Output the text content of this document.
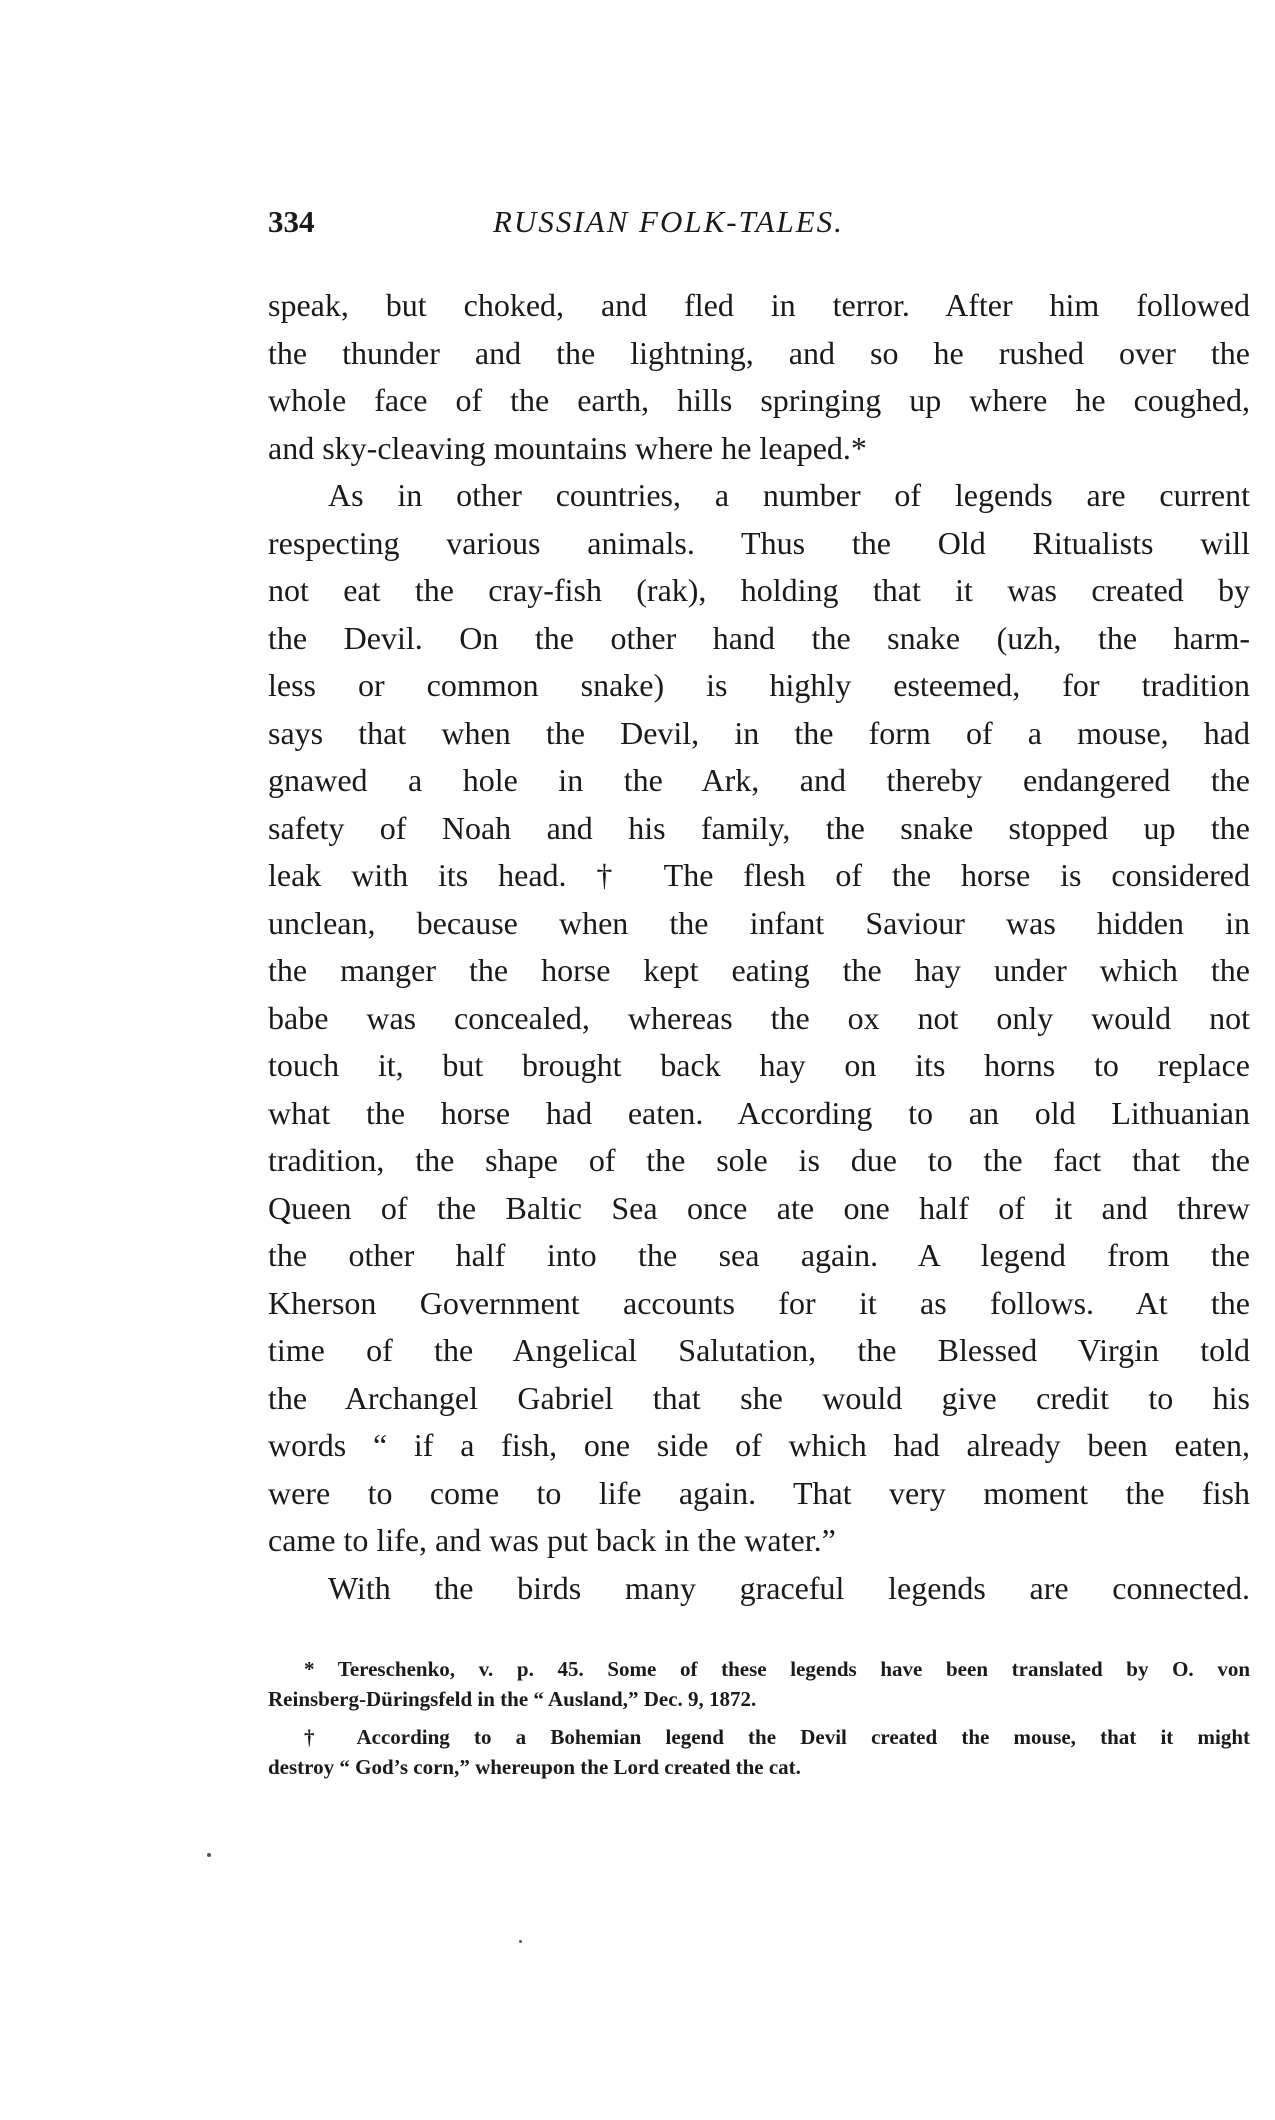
334	RUSSIAN FOLK-TALES.
speak, but choked, and fled in terror. After him followed
the thunder and the lightning, and so he rushed over the
whole face of the earth, hills springing up where he coughed,
and sky-cleaving mountains where he leaped.*
As in other countries, a number of legends are current
respecting various animals. Thus the Old Ritualists will
not eat the cray-fish (rak), holding that it was created by
the Devil. On the other hand the snake (uzh, the harm-
less or common snake) is highly esteemed, for tradition
says that when the Devil, in the form of a mouse, had
gnawed a hole in the Ark, and thereby endangered the
safety of Noah and his family, the snake stopped up the
leak with its head. † The flesh of the horse is considered
unclean, because when the infant Saviour was hidden in
the manger the horse kept eating the hay under which the
babe was concealed, whereas the ox not only would not
touch it, but brought back hay on its horns to replace
what the horse had eaten. According to an old Lithuanian
tradition, the shape of the sole is due to the fact that the
Queen of the Baltic Sea once ate one half of it and threw
the other half into the sea again. A legend from the
Kherson Government accounts for it as follows. At the
time of the Angelical Salutation, the Blessed Virgin told
the Archangel Gabriel that she would give credit to his
words “ if a fish, one side of which had already been eaten,
were to come to life again. That very moment the fish
came to life, and was put back in the water.”
With the birds many graceful legends are connected.
* Tereschenko, v. p. 45. Some of these legends have been translated by O. von
Reinsberg-Düringsfeld in the “ Ausland,” Dec. 9, 1872.
† According to a Bohemian legend the Devil created the mouse, that it might
destroy “ God’s corn,” whereupon the Lord created the cat.
